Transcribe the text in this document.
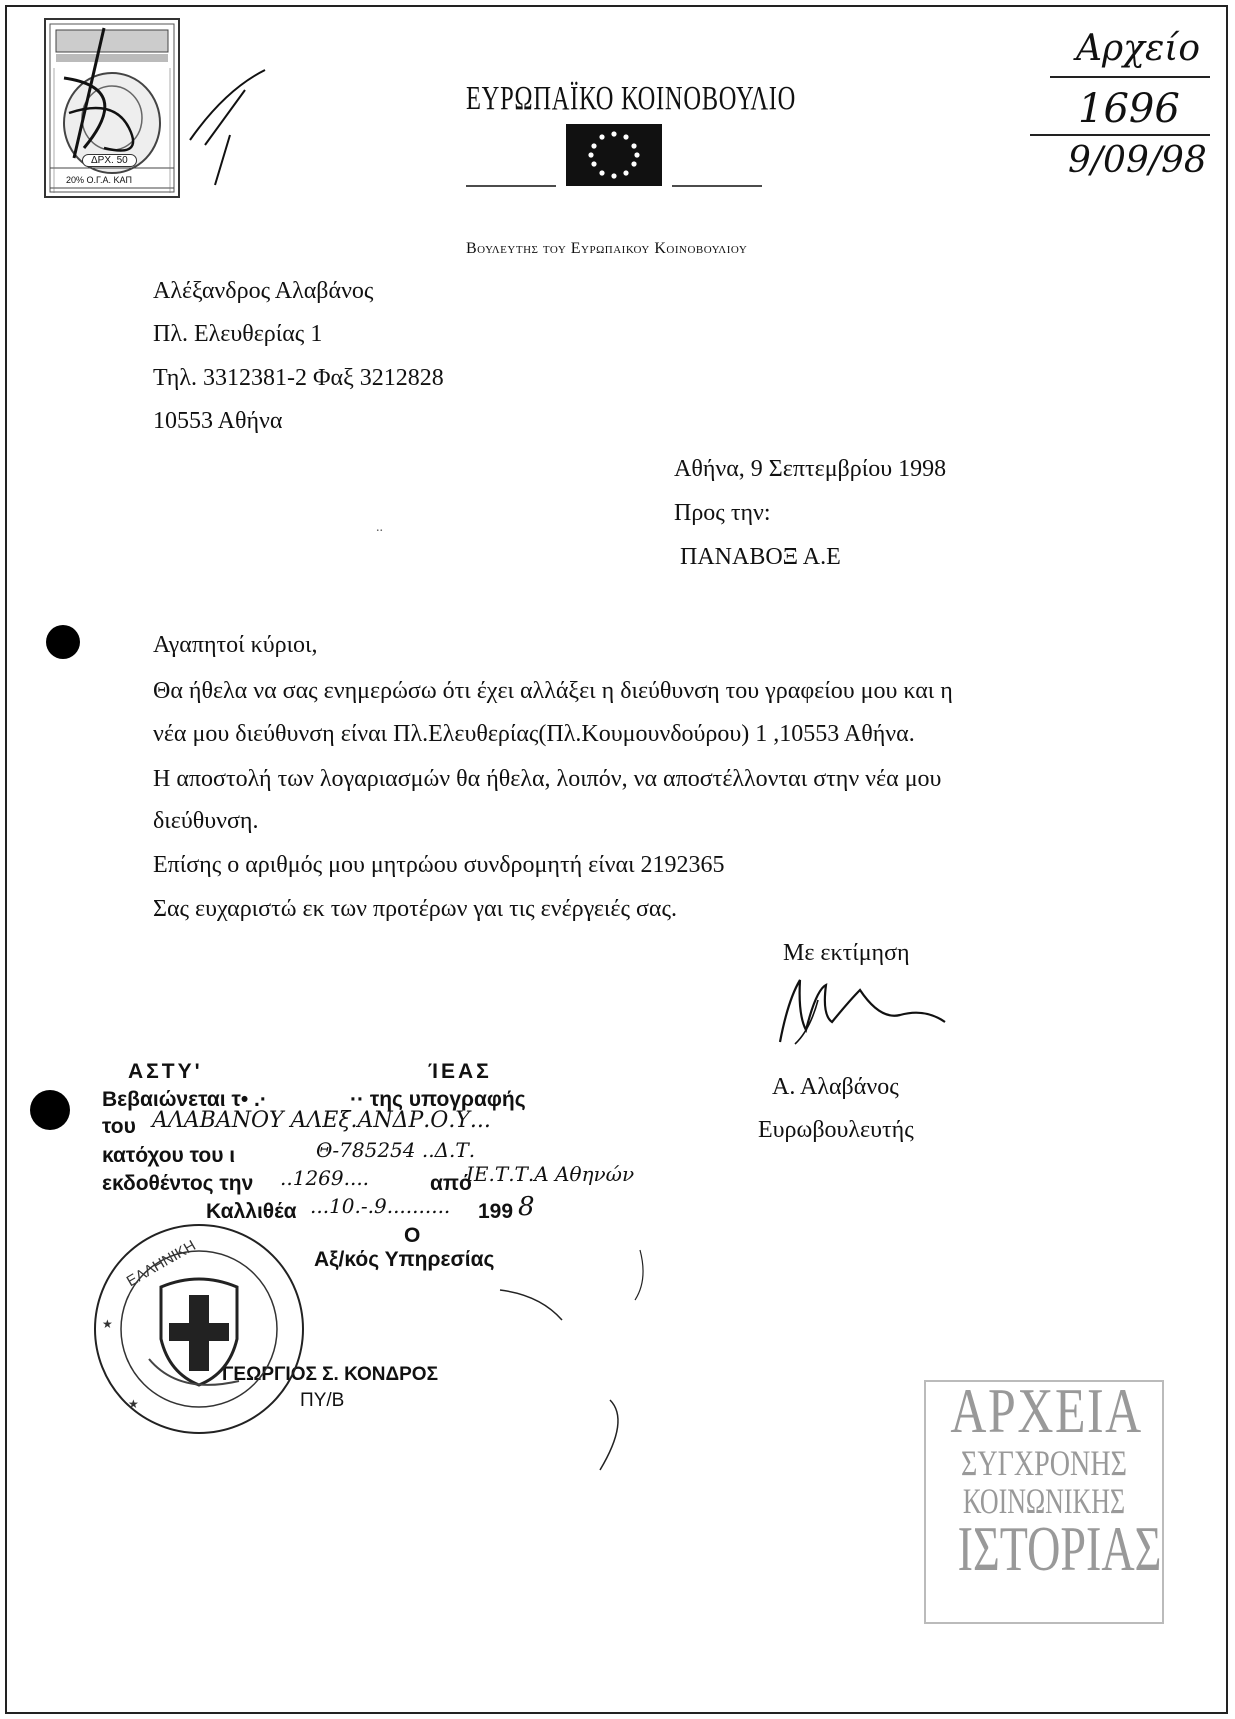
ΔΡΧ. 50
20% Ο.Γ.Α. ΚΑΠ
ΕΥΡΩΠΑΪΚΟ ΚΟΙΝΟΒΟΥΛΙΟ
Βουλευτης του Ευρωπαικου Κοινοβουλιου
Αρχείο
1696
9/09/98
Αλέξανδρος Αλαβάνος
Πλ. Ελευθερίας 1
Τηλ. 3312381-2 Φαξ 3212828
10553 Αθήνα
Αθήνα, 9 Σεπτεμβρίου 1998
Προς την:
ΠΑΝΑΒΟΞ Α.Ε
Αγαπητοί κύριοι,
Θα ήθελα να σας ενημερώσω ότι έχει αλλάξει η διεύθυνση του γραφείου μου και η
νέα μου διεύθυνση είναι Πλ.Ελευθερίας(Πλ.Κουμουνδούρου) 1 ,10553 Αθήνα.
Η αποστολή των λογαριασμών θα ήθελα, λοιπόν, να αποστέλλονται στην νέα μου
διεύθυνση.
Επίσης ο αριθμός μου μητρώου συνδρομητή είναι 2192365
Σας ευχαριστώ εκ των προτέρων γαι τις ενέργειές σας.
Με εκτίμηση
Α. Αλαβάνος
Ευρωβουλευτής
ΑΣΤΥ'	ΊΕΑΣ
Βεβαιώνεται τ• .·	·· της υπογραφής
του ΑΛΑΒΑΝΟΥ ΑΛΕξ.ΑΝΔΡ.Ο.Υ...
κατόχου του ι	Θ-785254 ..Δ.Τ.
εκδοθέντος την ..1269....	από
ΙΕ.Τ.Τ.Α Αθηνών
Καλλιθέα ...10.-.9.......... 199 8
Ο
Αξ/κός Υπηρεσίας
ΓΕΩΡΓΙΟΣ Σ. ΚΟΝΔΡΟΣ
ΠΥ/Β
ΕΛΛΗΝΙΚΗ
★
★
ΑΡΧΕΙΑ
ΣΥΓΧΡΟΝΗΣ
ΚΟΙΝΩΝΙΚΗΣ
ΙΣΤΟΡΙΑΣ
..
